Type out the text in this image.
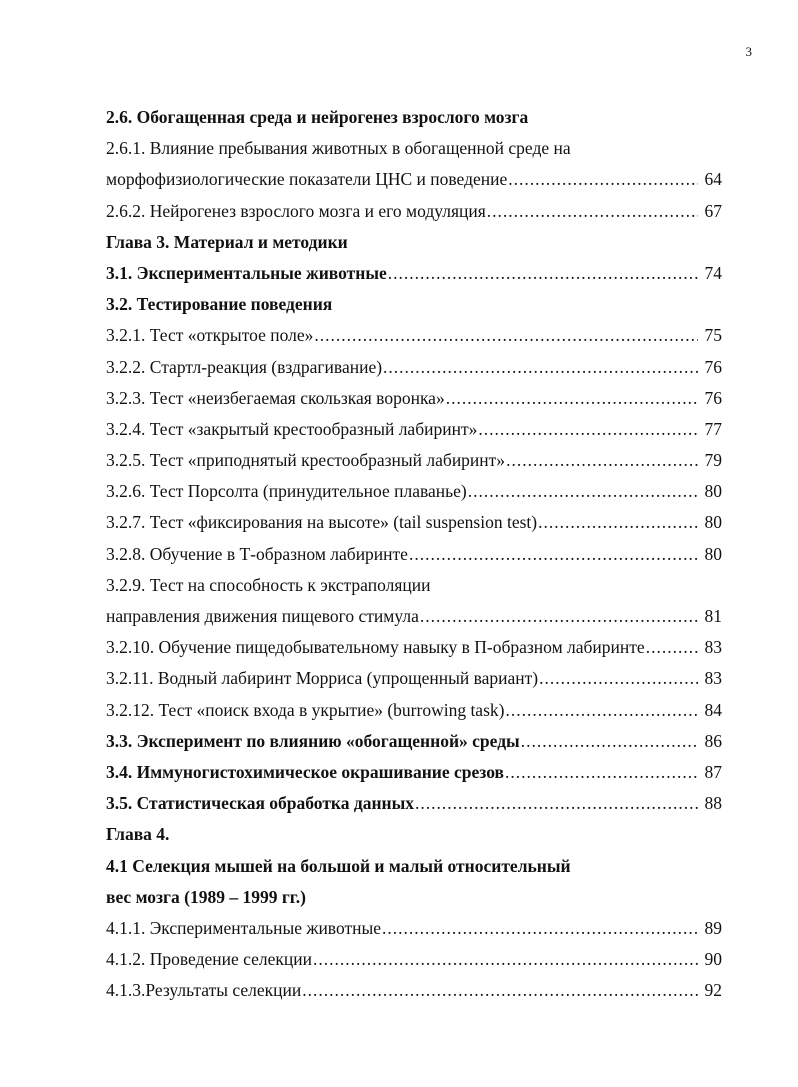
3
2.6. Обогащенная среда и нейрогенез взрослого мозга
2.6.1. Влияние пребывания животных в обогащенной среде на
морфофизиологические показатели ЦНС и поведение .....	64
2.6.2. Нейрогенез взрослого мозга и его модуляция .....	67
Глава 3. Материал и методики
3.1. Экспериментальные животные .....	74
3.2. Тестирование поведения
3.2.1. Тест «открытое поле» .....	75
3.2.2. Стартл-реакция (вздрагивание) .....	76
3.2.3. Тест «неизбегаемая скользкая воронка» .....	76
3.2.4. Тест «закрытый крестообразный лабиринт» .....	77
3.2.5. Тест «приподнятый крестообразный лабиринт» .....	79
3.2.6. Тест Порсолта (принудительное плаванье) .....	80
3.2.7. Тест «фиксирования на высоте» (tail suspension test) .....	80
3.2.8. Обучение в Т-образном лабиринте .....	80
3.2.9. Тест на способность к экстраполяции
направления движения пищевого стимула .....	81
3.2.10. Обучение пищедобывательному навыку в П-образном лабиринте .....	83
3.2.11. Водный лабиринт Морриса (упрощенный вариант) .....	83
3.2.12. Тест «поиск входа в укрытие» (burrowing task) .....	84
3.3. Эксперимент по влиянию «обогащенной» среды .....	86
3.4. Иммуногистохимическое окрашивание срезов .....	87
3.5. Статистическая обработка данных .....	88
Глава 4.
4.1 Селекция мышей на большой и малый относительный
вес мозга (1989 – 1999 гг.)
4.1.1. Экспериментальные животные .....	89
4.1.2. Проведение селекции .....	90
4.1.3.Результаты селекции .....	92
